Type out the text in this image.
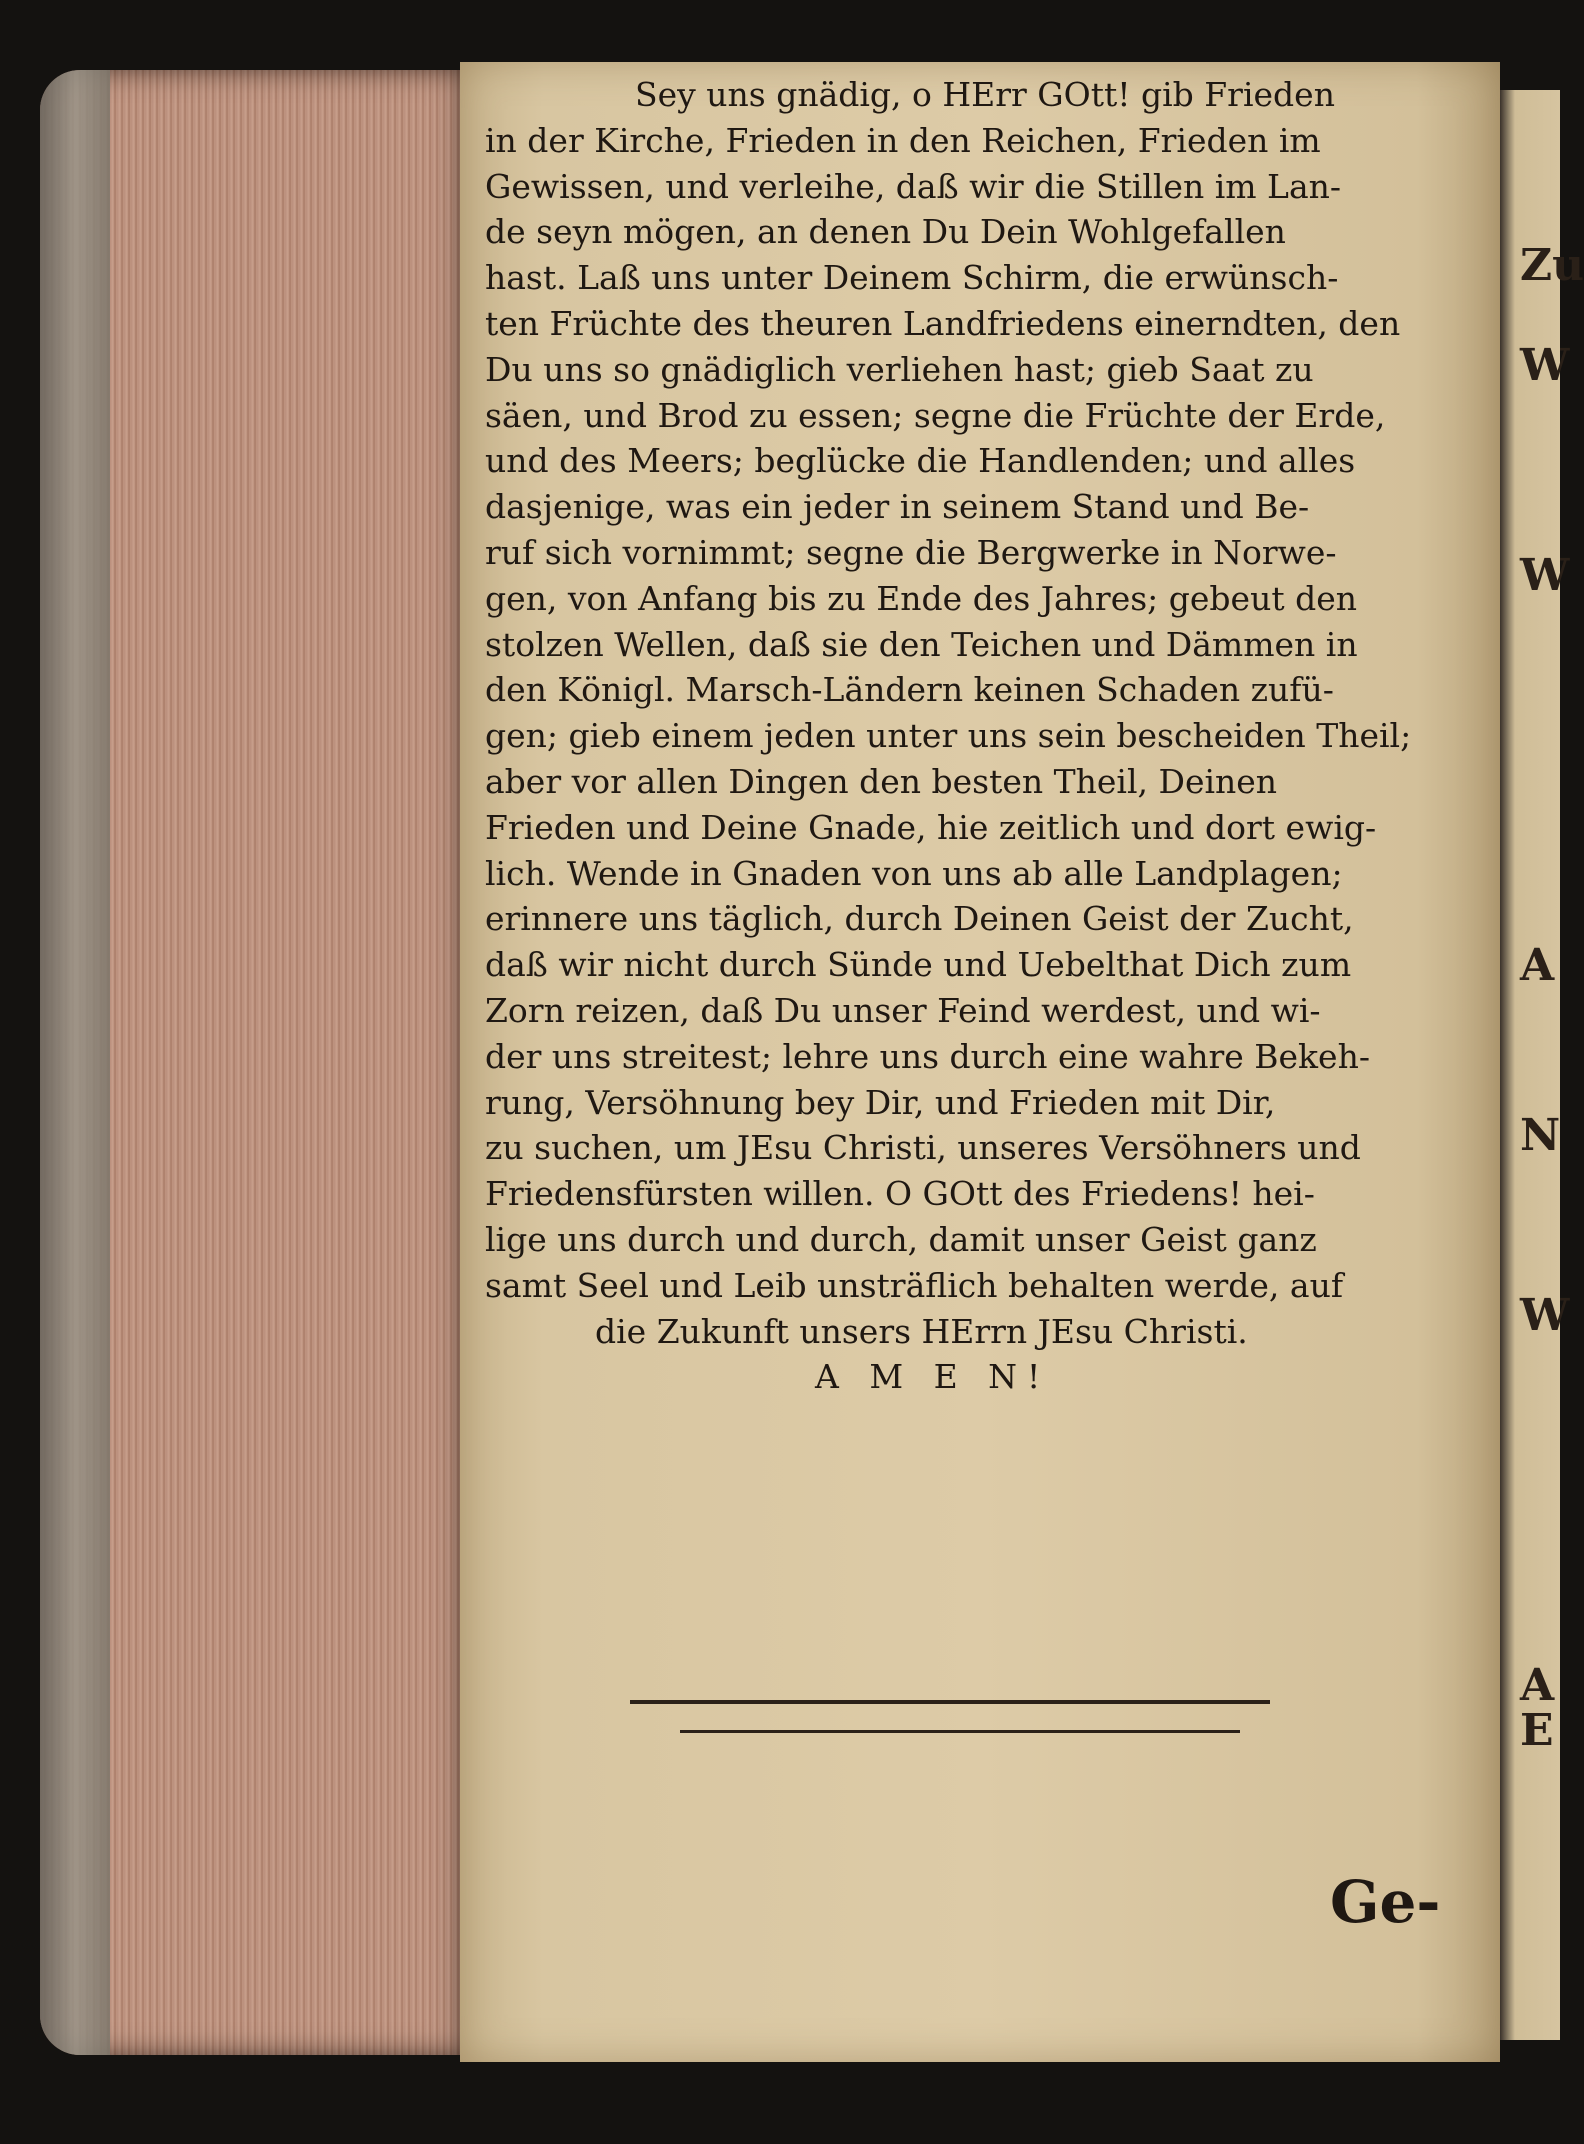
Zu
W
W
A
N
W
A
E
Sey uns gnädig, o HErr GOtt! gib Frieden
in der Kirche, Frieden in den Reichen, Frieden im
Gewissen, und verleihe, daß wir die Stillen im Lan-
de seyn mögen, an denen Du Dein Wohlgefallen
hast. Laß uns unter Deinem Schirm, die erwünsch-
ten Früchte des theuren Landfriedens einerndten, den
Du uns so gnädiglich verliehen hast; gieb Saat zu
säen, und Brod zu essen; segne die Früchte der Erde,
und des Meers; beglücke die Handlenden; und alles
dasjenige, was ein jeder in seinem Stand und Be-
ruf sich vornimmt; segne die Bergwerke in Norwe-
gen, von Anfang bis zu Ende des Jahres; gebeut den
stolzen Wellen, daß sie den Teichen und Dämmen in
den Königl. Marsch-Ländern keinen Schaden zufü-
gen; gieb einem jeden unter uns sein bescheiden Theil;
aber vor allen Dingen den besten Theil, Deinen
Frieden und Deine Gnade, hie zeitlich und dort ewig-
lich. Wende in Gnaden von uns ab alle Landplagen;
erinnere uns täglich, durch Deinen Geist der Zucht,
daß wir nicht durch Sünde und Uebelthat Dich zum
Zorn reizen, daß Du unser Feind werdest, und wi-
der uns streitest; lehre uns durch eine wahre Bekeh-
rung, Versöhnung bey Dir, und Frieden mit Dir,
zu suchen, um JEsu Christi, unseres Versöhners und
Friedensfürsten willen. O GOtt des Friedens! hei-
lige uns durch und durch, damit unser Geist ganz
samt Seel und Leib unsträflich behalten werde, auf
die Zukunft unsers HErrn JEsu Christi.
A M E N!
Ge-
